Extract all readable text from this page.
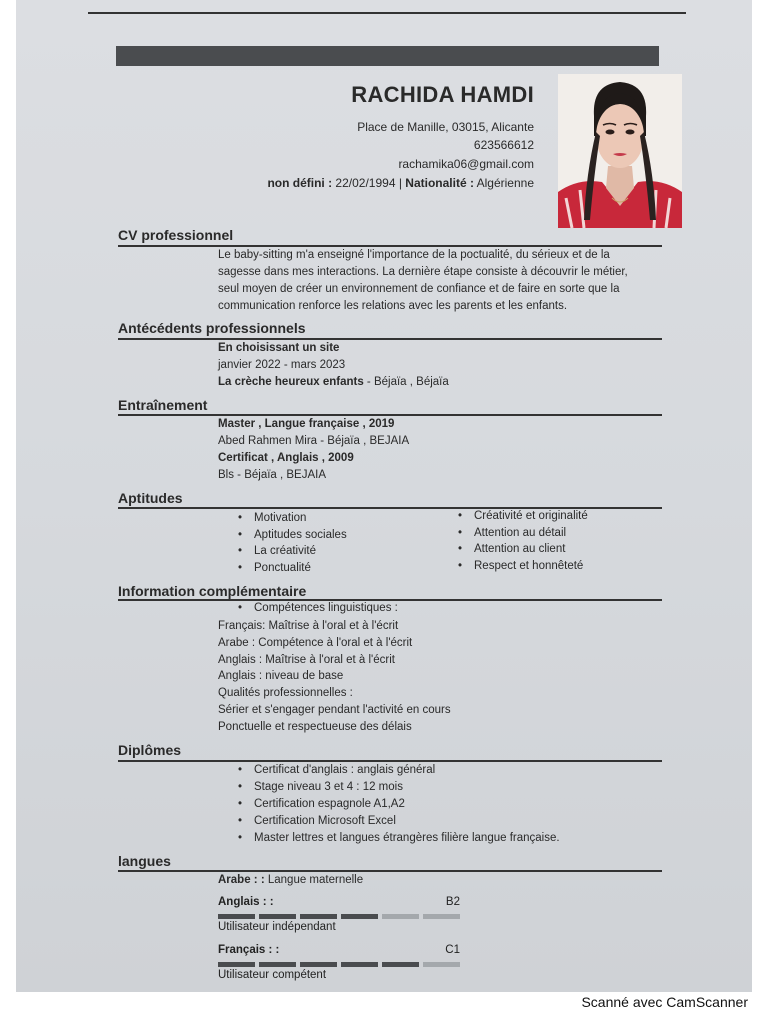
RACHIDA HAMDI
Place de Manille, 03015, Alicante
623566612
rachamika06@gmail.com
non défini : 22/02/1994 | Nationalité : Algérienne
CV professionnel
Le baby-sitting m'a enseigné l'importance de la poctualité, du sérieux et de la
sagesse dans mes interactions. La dernière étape consiste à découvrir le métier,
seul moyen de créer un environnement de confiance et de faire en sorte que la
communication renforce les relations avec les parents et les enfants.
Antécédents professionnels
En choisissant un site
janvier 2022 - mars 2023
La crèche heureux enfants - Béjaïa , Béjaïa
Entraînement
Master , Langue française , 2019
Abed Rahmen Mira - Béjaïa , BEJAIA
Certificat , Anglais , 2009
Bls - Béjaïa , BEJAIA
Aptitudes
• Motivation
• Aptitudes sociales
• La créativité
• Ponctualité
• Créativité et originalité
• Attention au détail
• Attention au client
• Respect et honnêteté
Information complémentaire
• Compétences linguistiques :
Français: Maîtrise à l'oral et à l'écrit
Arabe : Compétence à l'oral et à l'écrit
Anglais : Maîtrise à l'oral et à l'écrit
Anglais : niveau de base
Qualités professionnelles :
Sérier et s'engager pendant l'activité en cours
Ponctuelle et respectueuse des délais
Diplômes
• Certificat d'anglais : anglais général
• Stage niveau 3 et 4 : 12 mois
• Certification espagnole A1,A2
• Certification Microsoft Excel
• Master lettres et langues étrangères filière langue française.
langues
Arabe : : Langue maternelle
Anglais : :	B2
Utilisateur indépendant
Français : :	C1
Utilisateur compétent
Scanné avec CamScanner
